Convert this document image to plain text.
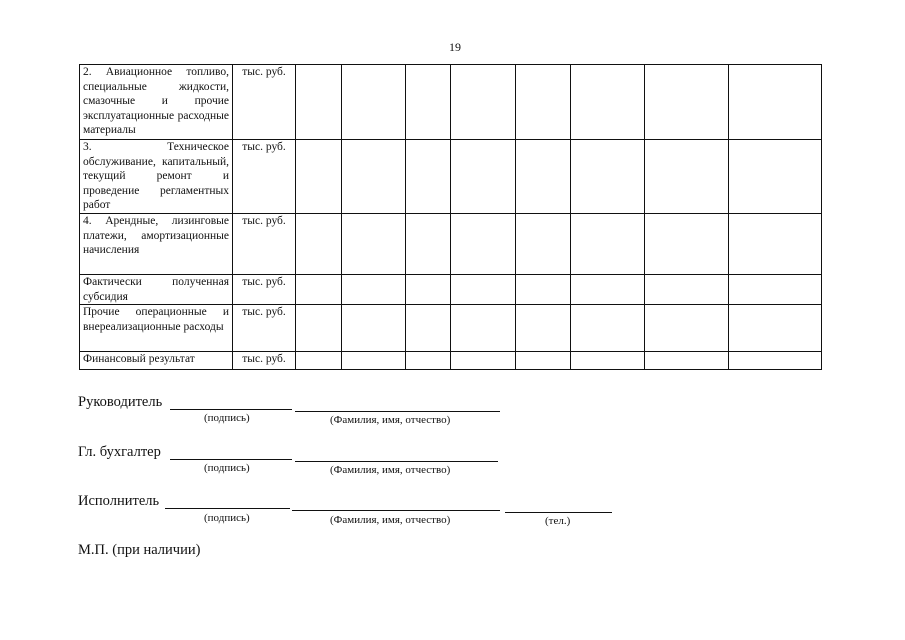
19
2. Авиационное топливо, специальные жидкости, смазочные и прочие эксплуатационные расходные материалы	тыс. руб.								
3. Техническое обслуживание, капитальный, текущий ремонт и проведение регламентных работ	тыс. руб.								
4. Арендные, лизинговые платежи, амортизационные начисления	тыс. руб.								
Фактически полученная субсидия	тыс. руб.								
Прочие операционные и внереализационные расходы	тыс. руб.								
Финансовый результат	тыс. руб.								
Руководитель
(подпись)	(Фамилия, имя, отчество)
Гл. бухгалтер
(подпись)	(Фамилия, имя, отчество)
Исполнитель
(подпись)	(Фамилия, имя, отчество)	(тел.)
М.П. (при наличии)
